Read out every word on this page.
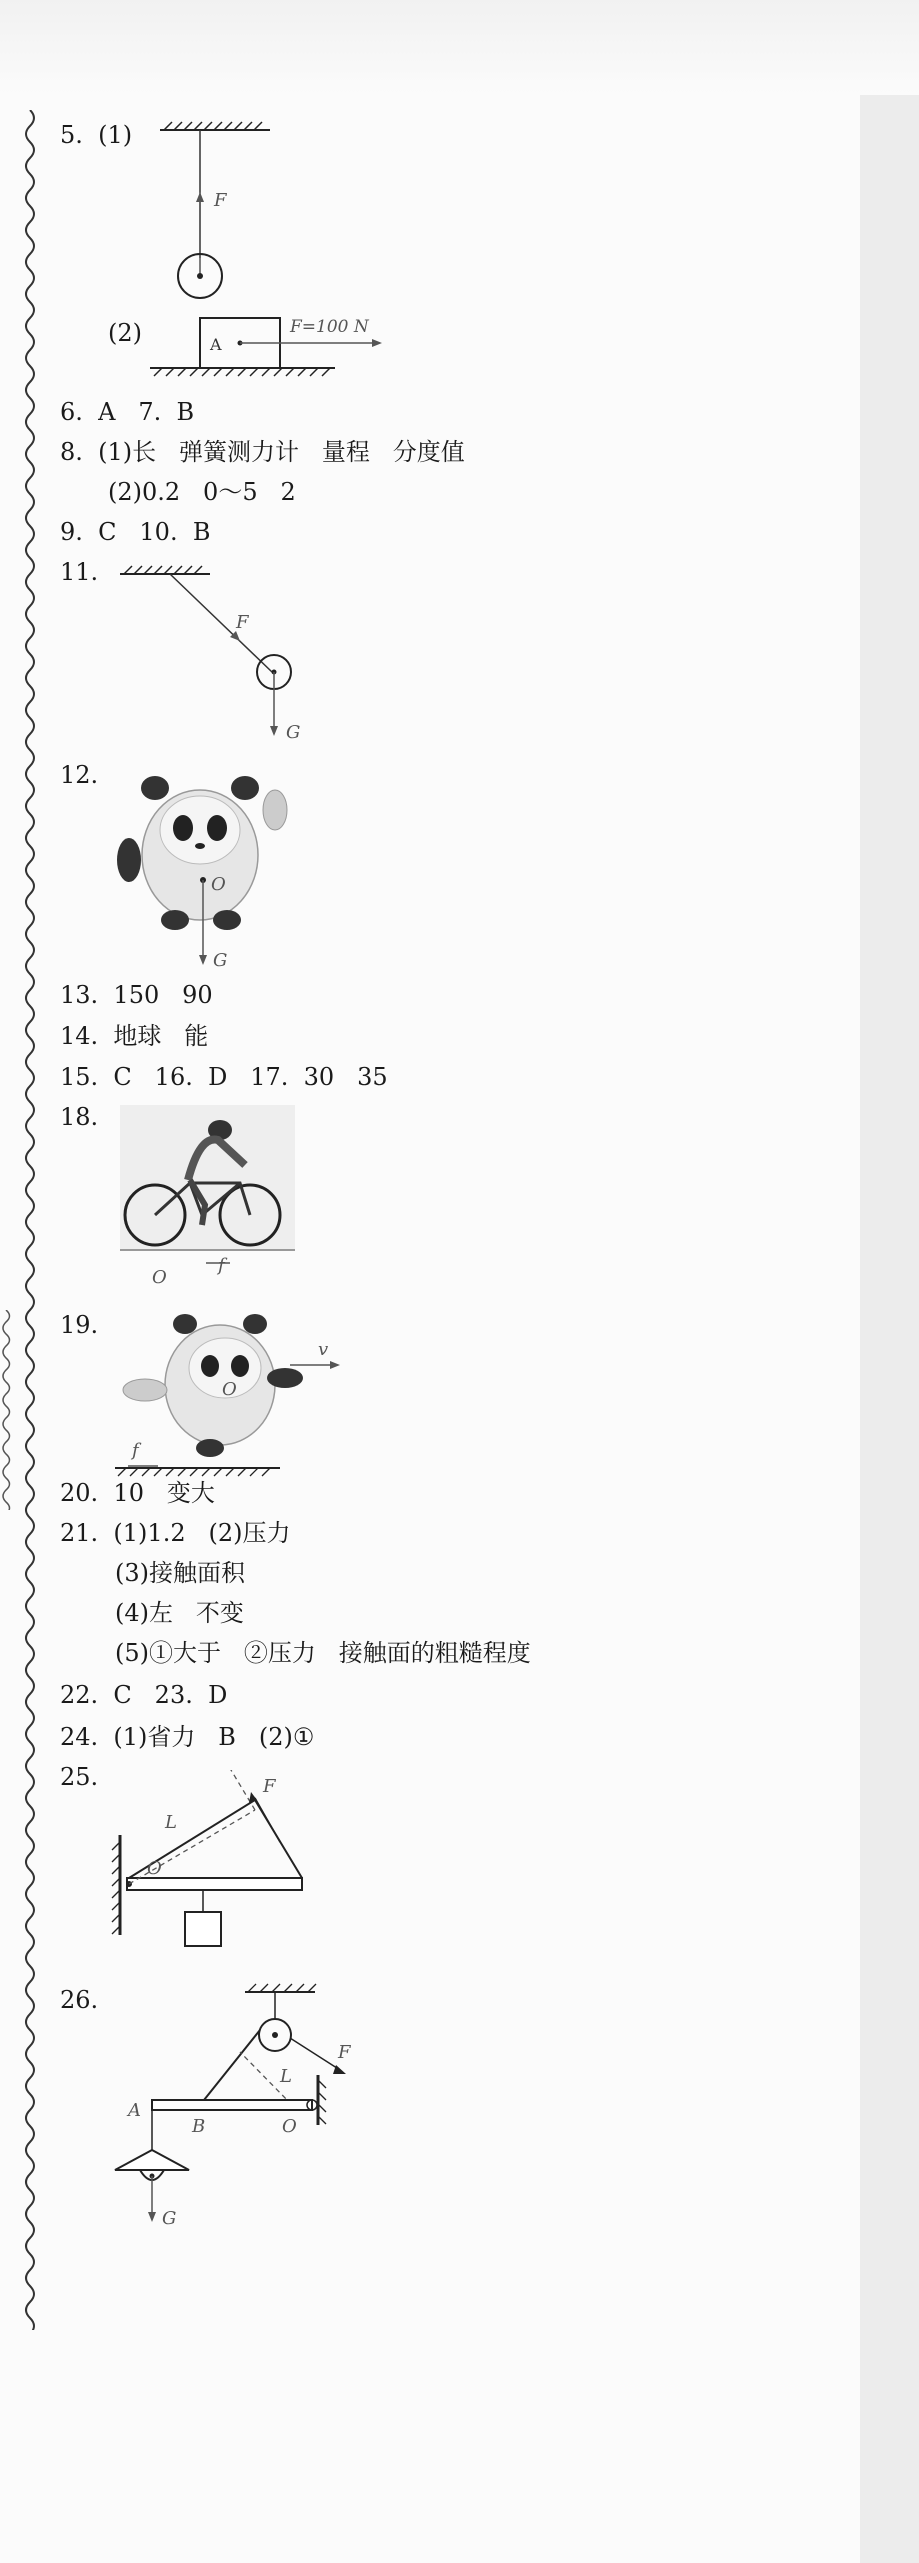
5. (1)
F
(2)	A
F=100 N
6.  A   7.  B
8.  (1)长   弹簧测力计   量程   分度值
(2)0.2   0～5   2
9.  C   10.  B
11.
F
G
12.
O
G
13.  150   90
14.  地球   能
15.  C   16.  D   17.  30   35
18.
O
f
19.
O
v
f
20.  10   变大
21.  (1)1.2   (2)压力
(3)接触面积
(4)左   不变
(5)①大于   ②压力   接触面的粗糙程度
22.  C   23.  D
24.  (1)省力   B   (2)①
25.	F
L
O
26.
F
L
A
B	O
G
